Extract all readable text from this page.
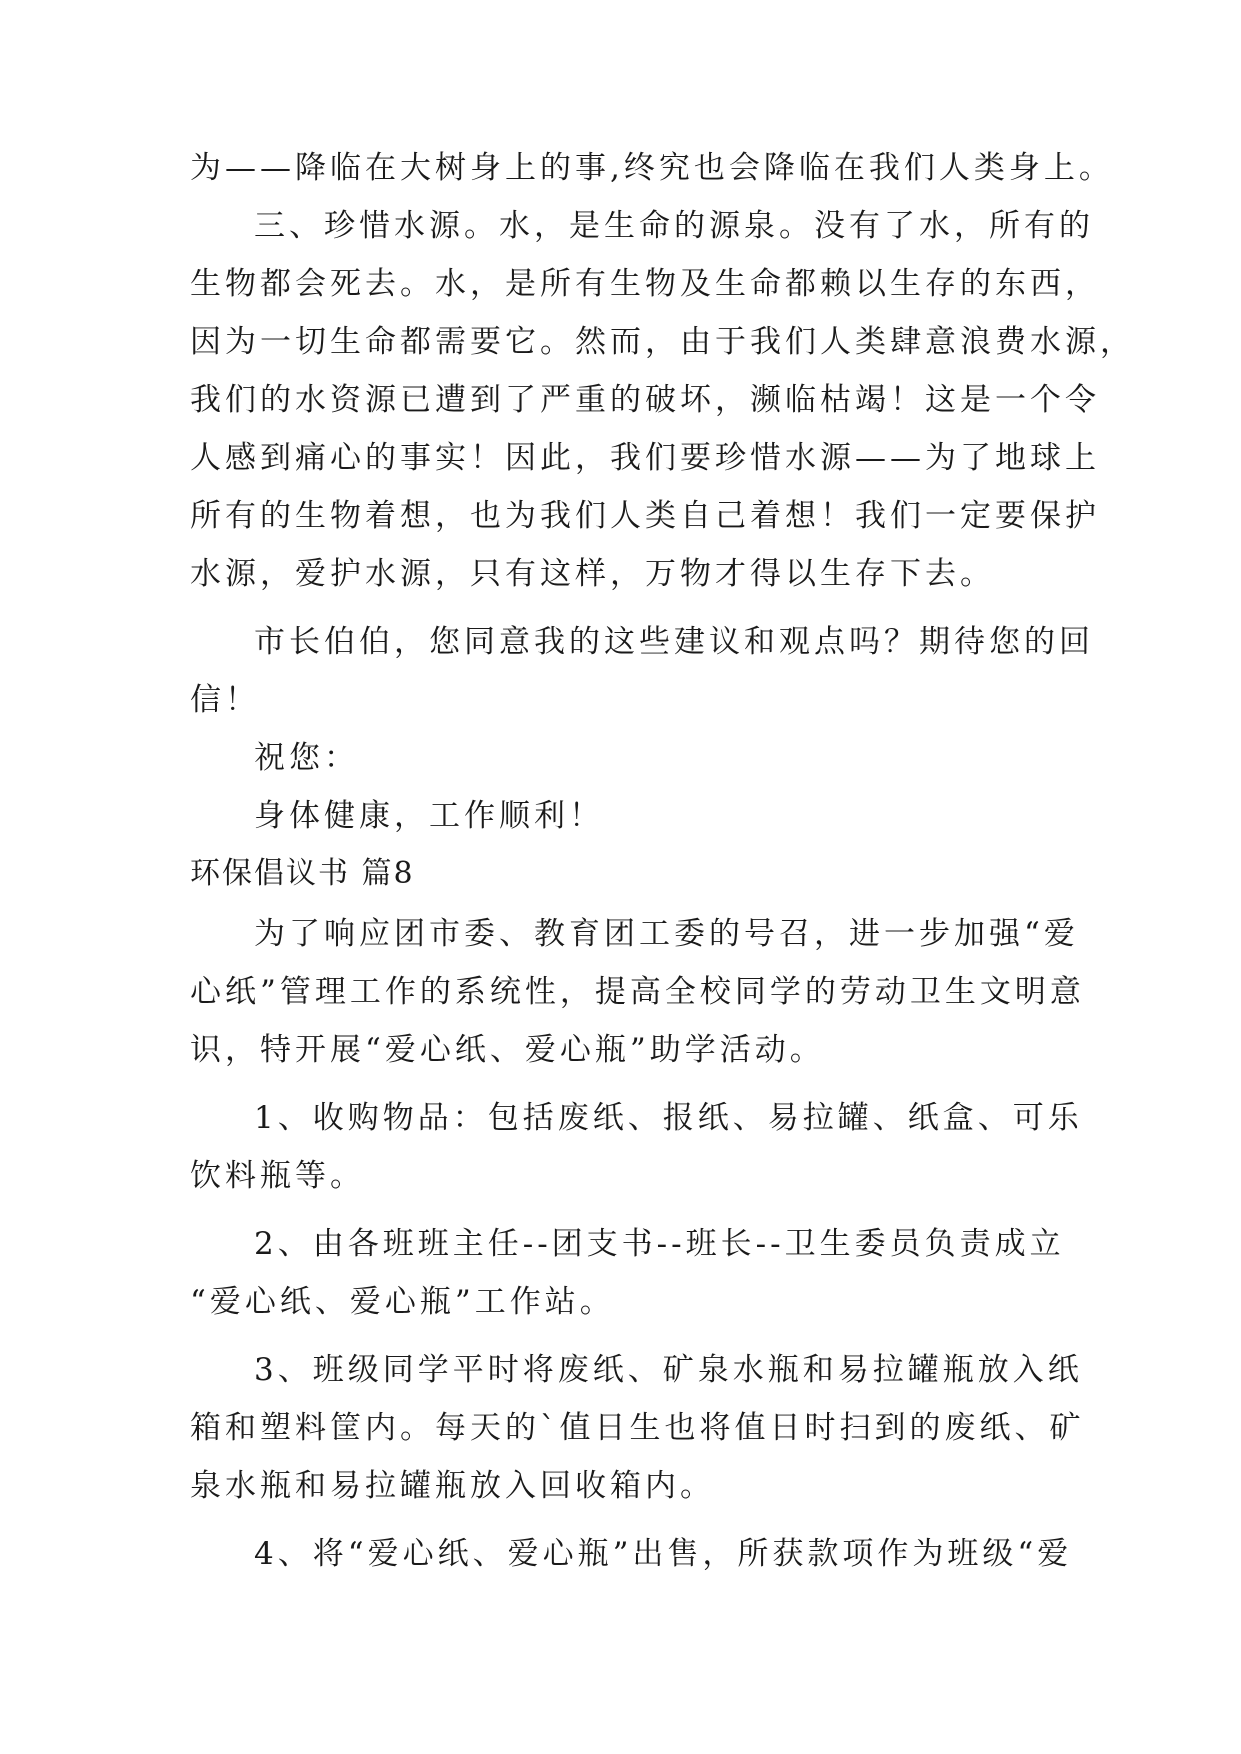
为——降临在大树身上的事,终究也会降临在我们人类身上。
三、珍惜水源。水，是生命的源泉。没有了水，所有的
生物都会死去。水，是所有生物及生命都赖以生存的东西，
因为一切生命都需要它。然而，由于我们人类肆意浪费水源，
我们的水资源已遭到了严重的破坏，濒临枯竭！这是一个令
人感到痛心的事实！因此，我们要珍惜水源——为了地球上
所有的生物着想，也为我们人类自己着想！我们一定要保护
水源，爱护水源，只有这样，万物才得以生存下去。
市长伯伯，您同意我的这些建议和观点吗？期待您的回
信！
祝您：
身体健康，工作顺利！
环保倡议书 篇8
为了响应团市委、教育团工委的号召，进一步加强“爱
心纸”管理工作的系统性，提高全校同学的劳动卫生文明意
识，特开展“爱心纸、爱心瓶”助学活动。
1、收购物品：包括废纸、报纸、易拉罐、纸盒、可乐
饮料瓶等。
2、由各班班主任--团支书--班长--卫生委员负责成立
“爱心纸、爱心瓶”工作站。
3、班级同学平时将废纸、矿泉水瓶和易拉罐瓶放入纸
箱和塑料筐内。每天的`值日生也将值日时扫到的废纸、矿
泉水瓶和易拉罐瓶放入回收箱内。
4、将“爱心纸、爱心瓶”出售，所获款项作为班级“爱
